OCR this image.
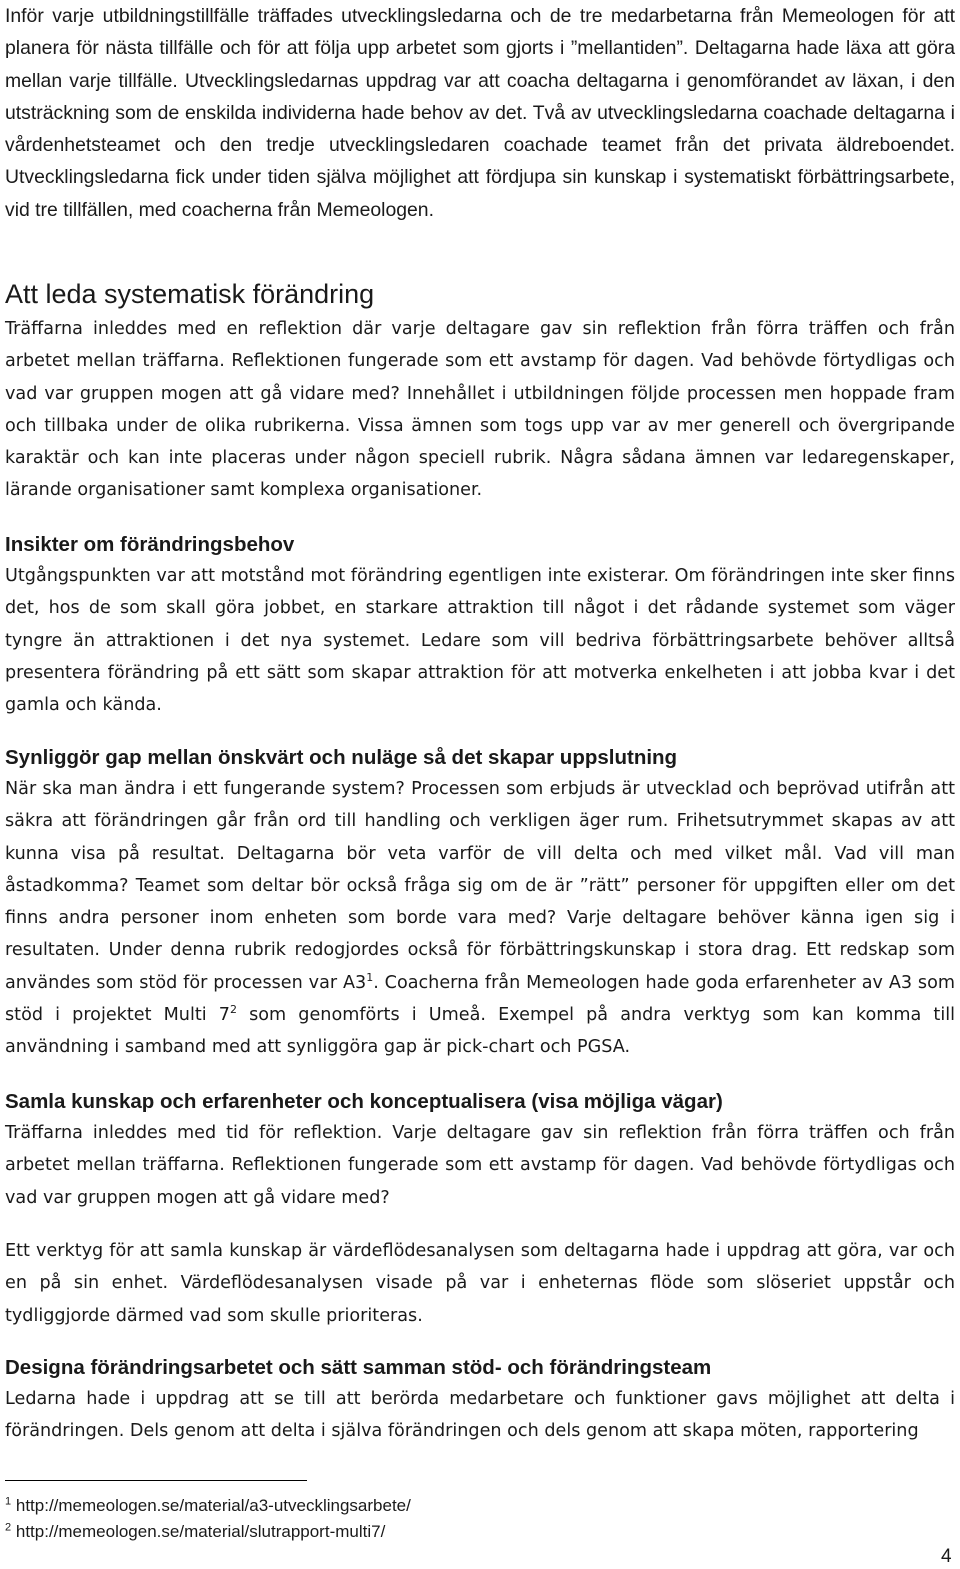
Inför varje utbildningstillfälle träffades utvecklingsledarna och de tre medarbetarna från Memeologen för att planera för nästa tillfälle och för att följa upp arbetet som gjorts i ”mellantiden”. Deltagarna hade läxa att göra mellan varje tillfälle. Utvecklingsledarnas uppdrag var att coacha deltagarna i genomförandet av läxan, i den utsträckning som de enskilda individerna hade behov av det. Två av utvecklingsledarna coachade deltagarna i vårdenhetsteamet och den tredje utvecklingsledaren coachade teamet från det privata äldreboendet. Utvecklingsledarna fick under tiden själva möjlighet att fördjupa sin kunskap i systematiskt förbättringsarbete, vid tre tillfällen, med coacherna från Memeologen.

Att leda systematisk förändring

Träffarna inleddes med en reflektion där varje deltagare gav sin reflektion från förra träffen och från arbetet mellan träffarna. Reflektionen fungerade som ett avstamp för dagen. Vad behövde förtydligas och vad var gruppen mogen att gå vidare med? Innehållet i utbildningen följde processen men hoppade fram och tillbaka under de olika rubrikerna. Vissa ämnen som togs upp var av mer generell och övergripande karaktär och kan inte placeras under någon speciell rubrik. Några sådana ämnen var ledaregenskaper, lärande organisationer samt komplexa organisationer.

Insikter om förändringsbehov

Utgångspunkten var att motstånd mot förändring egentligen inte existerar. Om förändringen inte sker finns det, hos de som skall göra jobbet, en starkare attraktion till något i det rådande systemet som väger tyngre än attraktionen i det nya systemet. Ledare som vill bedriva förbättringsarbete behöver alltså presentera förändring på ett sätt som skapar attraktion för att motverka enkelheten i att jobba kvar i det gamla och kända.

Synliggör gap mellan önskvärt och nuläge så det skapar uppslutning

När ska man ändra i ett fungerande system? Processen som erbjuds är utvecklad och beprövad utifrån att säkra att förändringen går från ord till handling och verkligen äger rum. Frihetsutrymmet skapas av att kunna visa på resultat. Deltagarna bör veta varför de vill delta och med vilket mål. Vad vill man åstadkomma? Teamet som deltar bör också fråga sig om de är ”rätt” personer för uppgiften eller om det finns andra personer inom enheten som borde vara med? Varje deltagare behöver känna igen sig i resultaten. Under denna rubrik redogjordes också för förbättringskunskap i stora drag. Ett redskap som användes som stöd för processen var $A3^1$. Coacherna från Memeologen hade goda erfarenheter av A3 som stöd i projektet Multi $7^2$ som genomförts i Umeå. Exempel på andra verktyg som kan komma till användning i samband med att synliggöra gap är pick-chart och PGSA.

Samla kunskap och erfarenheter och konceptualisera (visa möjliga vägar)

Träffarna inleddes med tid för reflektion. Varje deltagare gav sin reflektion från förra träffen och från arbetet mellan träffarna. Reflektionen fungerade som ett avstamp för dagen. Vad behövde förtydligas och vad var gruppen mogen att gå vidare med?

Ett verktyg för att samla kunskap är värdeflödesanalysen som deltagarna hade i uppdrag att göra, var och en på sin enhet. Värdeflödesanalysen visade på var i enheternas flöde som slöseriet uppstår och tydliggjorde därmed vad som skulle prioriteras.

Designa förändringsarbetet och sätt samman stöd- och förändringsteam

Ledarna hade i uppdrag att se till att berörda medarbetare och funktioner gavs möjlighet att delta i förändringen. Dels genom att delta i själva förändringen och dels genom att skapa möten, rapportering

$^1$ http://memeologen.se/material/a3-utvecklingsarbete/
$^2$ http://memeologen.se/material/slutrapport-multi7/
4
